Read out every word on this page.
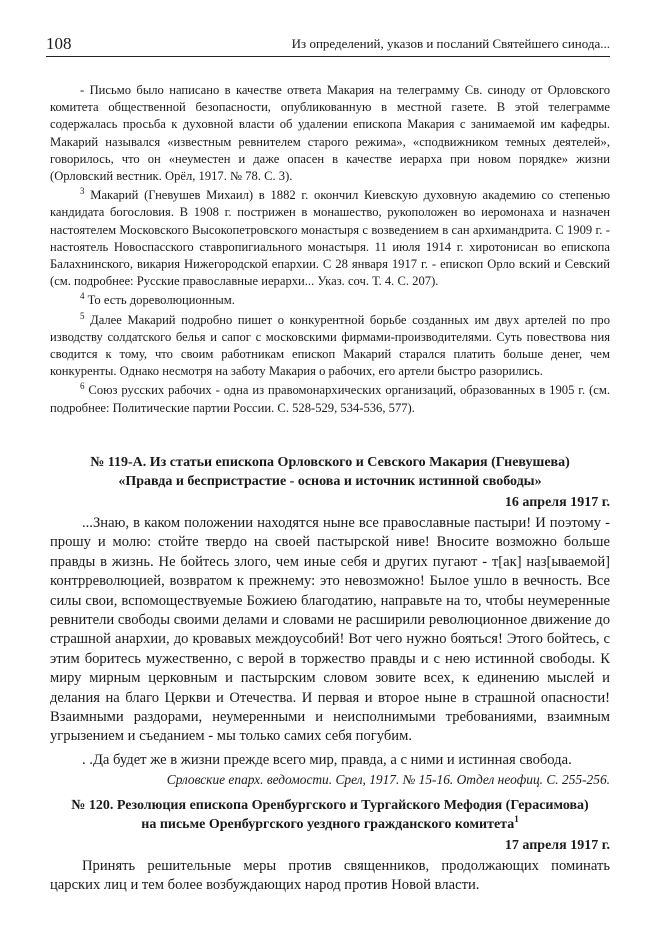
108	Из определений, указов и посланий Святейшего синода...

- Письмо было написано в качестве ответа Макария на телеграмму Св. синоду от Орловского комитета общественной безопасности, опубликованную в местной газете. В этой телеграмме содержалась просьба к духовной власти об удалении епископа Макария с занимаемой им кафедры. Макарий назывался «известным ревнителем старого режима», «сподвижником темных деятелей», говорилось, что он «неуместен и даже опасен в качестве иерарха при новом порядке» жизни (Орловский вестник. Орёл, 1917. № 78. С. 3).

$^3$ Макарий (Гневушев Михаил) в 1882 г. окончил Киевскую духовную академию со степенью кандидата богословия. В 1908 г. пострижен в монашество, рукоположен во иеромонаха и назначен настоятелем Московского Высокопетровского монастыря с возведением в сан архимандрита. С 1909 г. - настоятель Новоспасского ставропигиального монастыря. 11 июля 1914 г. хиротонисан во епископа Балахнинского, викария Нижегородской епархии. С 28 января 1917 г. - епископ Орло вский и Севский (см. подробнее: Русские православные иерархи... Указ. соч. Т. 4. С. 207).

$^4$ То есть дореволюционным.

$^5$ Далее Макарий подробно пишет о конкурентной борьбе созданных им двух артелей по про изводству солдатского белья и сапог с московскими фирмами-производителями. Суть повествова ния сводится к тому, что своим работникам епископ Макарий старался платить больше денег, чем конкуренты. Однако несмотря на заботу Макария о рабочих, его артели быстро разорились.

$^6$ Союз русских рабочих - одна из правомонархических организаций, образованных в 1905 г. (см. подробнее: Политические партии России. С. 528-529, 534-536, 577).

№ 119-А. Из статьи епископа Орловского и Севского Макария (Гневушева)
«Правда и беспристрастие - основа и источник истинной свободы»

16 апреля 1917 г.

...Знаю, в каком положении находятся ныне все православные пастыри! И поэтому - прошу и молю: стойте твердо на своей пастырской ниве! Вносите возможно больше правды в жизнь. Не бойтесь злого, чем иные себя и других пугают - т[ак] наз[ываемой] контрреволюцией, возвратом к прежнему: это невозможно! Былое ушло в вечность. Все силы свои, вспомоществуемые Божиею благодатию, направьте на то, чтобы неумеренные ревнители свободы своими делами и словами не расширили революционное движение до страшной анархии, до кровавых междоусобий! Вот чего нужно бояться! Этого бойтесь, с этим боритесь мужественно, с верой в торжество правды и с нею истинной свободы. К миру мирным церковным и пастырским словом зовите всех, к единению мыслей и делания на благо Церкви и Отечества. И первая и второе ныне в страшной опасности! Взаимными раздорами, неумеренными и неисполнимыми требованиями, взаимным угрызением и съеданием - мы только самих себя погубим.

. .Да будет же в жизни прежде всего мир, правда, а с ними и истинная свобода.

Срловские епарх. ведомости. Срел, 1917. № 15-16. Отдел неофиц. С. 255-256.

№ 120. Резолюция епископа Оренбургского и Тургайского Мефодия (Герасимова)
на письме Оренбургского уездного гражданского комитета$^1$

17 апреля 1917 г.

Принять решительные меры против священников, продолжающих поминать царских лиц и тем более возбуждающих народ против Новой власти.
